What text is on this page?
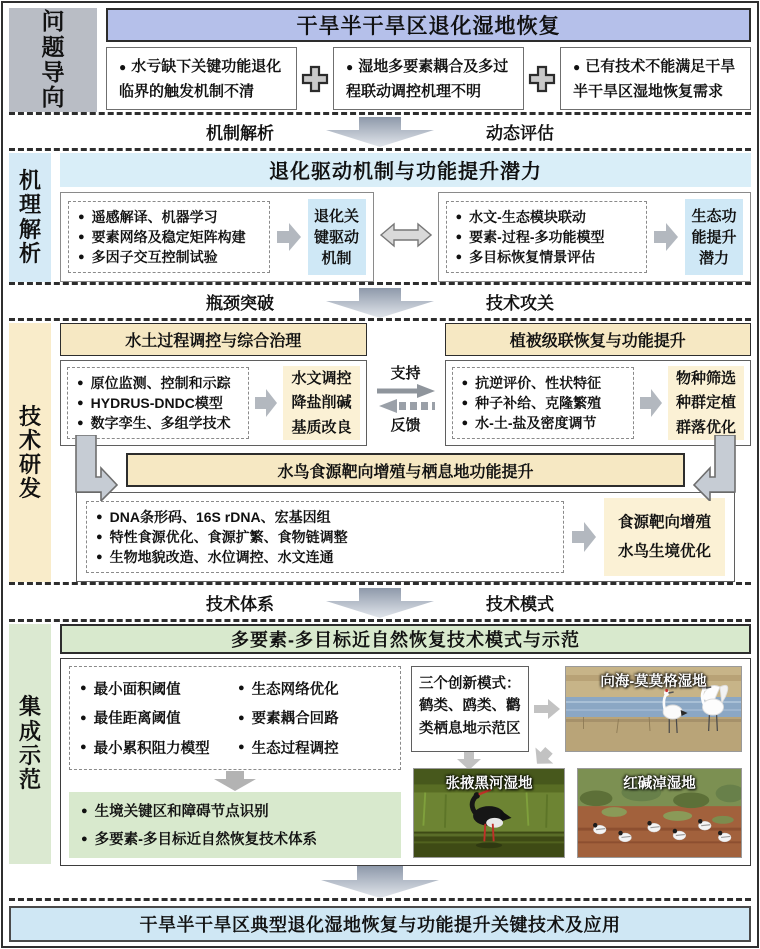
问题导向
干旱半干旱区退化湿地恢复
● 水亏缺下关键功能退化临界的触发机制不清
● 湿地多要素耦合及多过程联动调控机理不明
● 已有技术不能满足干旱半干旱区湿地恢复需求
机制解析	动态评估
机理解析
退化驱动机制与功能提升潜力
● 遥感解译、机器学习
● 要素网络及稳定矩阵构建
● 多因子交互控制试验
退化关键驱动机制
● 水文-生态模块联动
● 要素-过程-多功能模型
● 多目标恢复情景评估
生态功能提升潜力
瓶颈突破	技术攻关
技术研发
水土过程调控与综合治理	植被级联恢复与功能提升
● 原位监测、控制和示踪
● HYDRUS-DNDC模型
● 数字孪生、多组学技术
水文调控
降盐削碱
基质改良
支持
反馈
● 抗逆评价、性状特征
● 种子补给、克隆繁殖
● 水-土-盐及密度调节
物种筛选
种群定植
群落优化
水鸟食源靶向增殖与栖息地功能提升
● DNA条形码、16S rDNA、宏基因组
● 特性食源优化、食源扩繁、食物链调整
● 生物地貌改造、水位调控、水文连通
食源靶向增殖
水鸟生境优化
技术体系	技术模式
集成示范
多要素-多目标近自然恢复技术模式与示范
● 最小面积阈值
● 最佳距离阈值
● 最小累积阻力模型
● 生态网络优化
● 要素耦合回路
● 生态过程调控
● 生境关键区和障碍节点识别
● 多要素-多目标近自然恢复技术体系
三个创新模式：鹤类、鸥类、鹳类栖息地示范区
向海-莫莫格湿地
张掖黑河湿地	红碱淖湿地
干旱半干旱区典型退化湿地恢复与功能提升关键技术及应用
